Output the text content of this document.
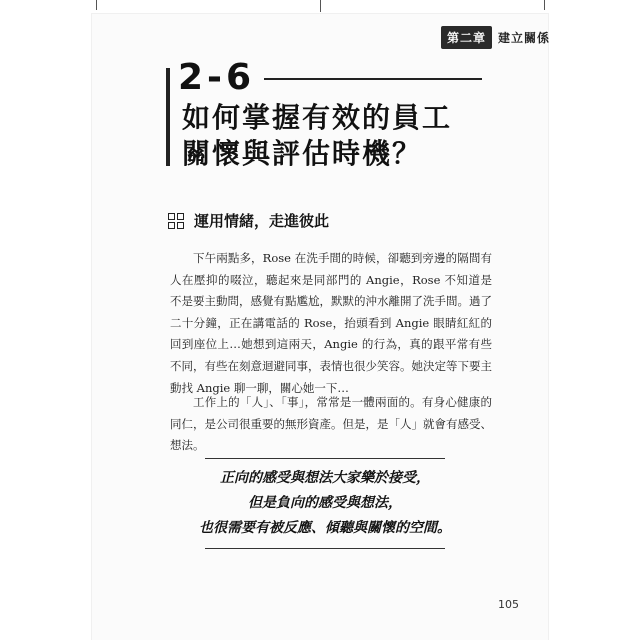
第二章	建立關係
2-6
如何掌握有效的員工
關懷與評估時機？
運用情緒，走進彼此

下午兩點多，Rose 在洗手間的時候，卻聽到旁邊的隔間有人在壓抑的啜泣，聽起來是同部門的 Angie，Rose 不知道是不是要主動問，感覺有點尷尬，默默的沖水離開了洗手間。過了二十分鐘，正在講電話的 Rose，抬頭看到 Angie 眼睛紅紅的回到座位上…她想到這兩天，Angie 的行為，真的跟平常有些不同，有些在刻意迴避同事，表情也很少笑容。她決定等下要主動找 Angie 聊一聊，關心她一下…

工作上的「人」、「事」，常常是一體兩面的。有身心健康的同仁，是公司很重要的無形資產。但是，是「人」就會有感受、想法。

正向的感受與想法大家樂於接受，
但是負向的感受與想法，
也很需要有被反應、傾聽與關懷的空間。
105
